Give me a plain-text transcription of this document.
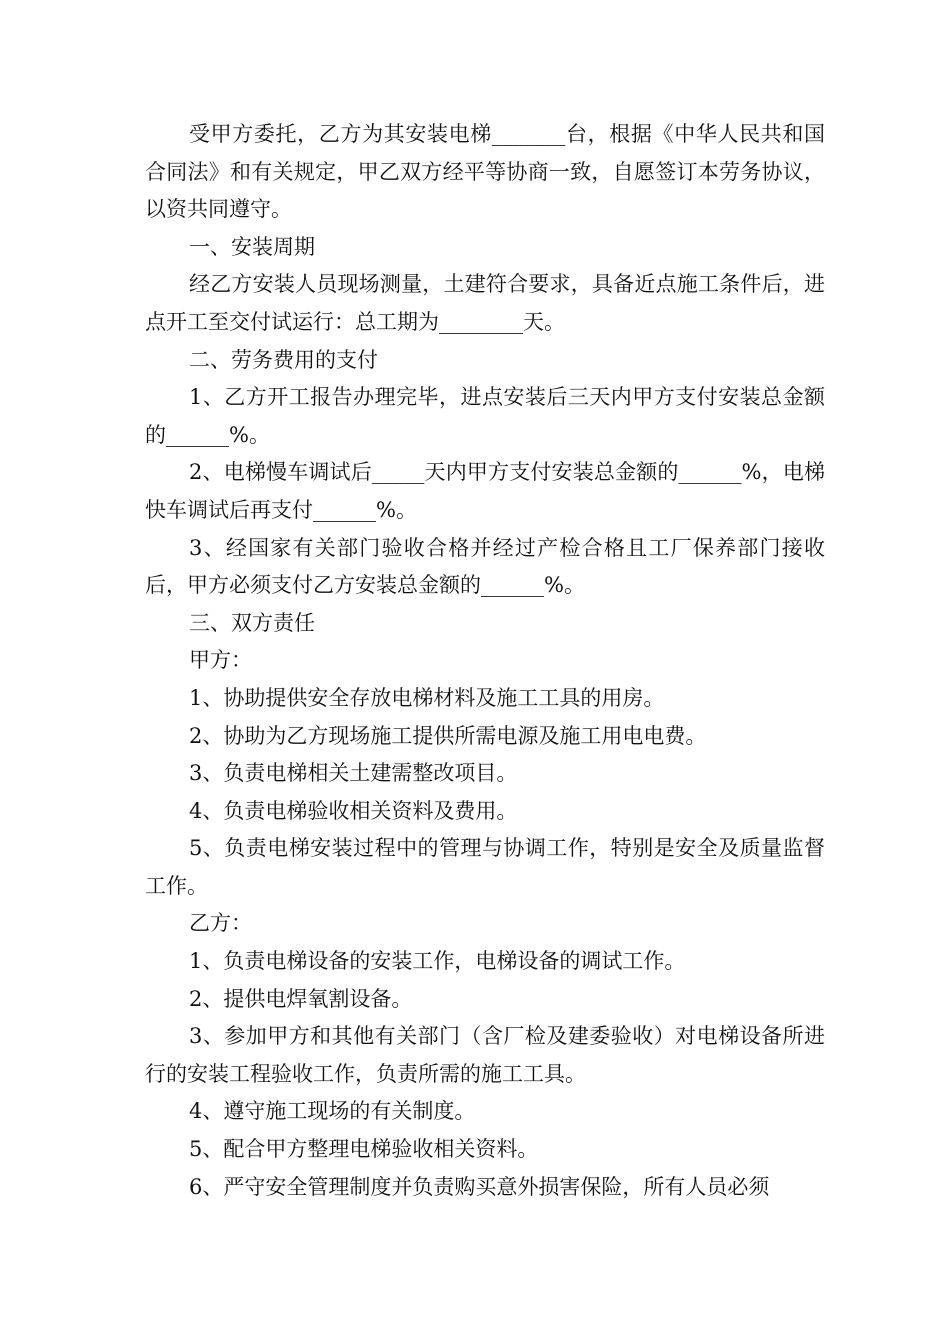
受甲方委托，乙方为其安装电梯_______台，根据《中华人民共和国合同法》和有关规定，甲乙双方经平等协商一致，自愿签订本劳务协议，以资共同遵守。

一、安装周期

经乙方安装人员现场测量，土建符合要求，具备近点施工条件后，进点开工至交付试运行：总工期为________天。

二、劳务费用的支付

1、乙方开工报告办理完毕，进点安装后三天内甲方支付安装总金额的______%。

2、电梯慢车调试后_____天内甲方支付安装总金额的______%，电梯快车调试后再支付______%。

3、经国家有关部门验收合格并经过产检合格且工厂保养部门接收后，甲方必须支付乙方安装总金额的______%。

三、双方责任

甲方：

1、协助提供安全存放电梯材料及施工工具的用房。

2、协助为乙方现场施工提供所需电源及施工用电电费。

3、负责电梯相关土建需整改项目。

4、负责电梯验收相关资料及费用。

5、负责电梯安装过程中的管理与协调工作，特别是安全及质量监督工作。

乙方：

1、负责电梯设备的安装工作，电梯设备的调试工作。

2、提供电焊氧割设备。

3、参加甲方和其他有关部门（含厂检及建委验收）对电梯设备所进行的安装工程验收工作，负责所需的施工工具。

4、遵守施工现场的有关制度。

5、配合甲方整理电梯验收相关资料。

6、严守安全管理制度并负责购买意外损害保险，所有人员必须
